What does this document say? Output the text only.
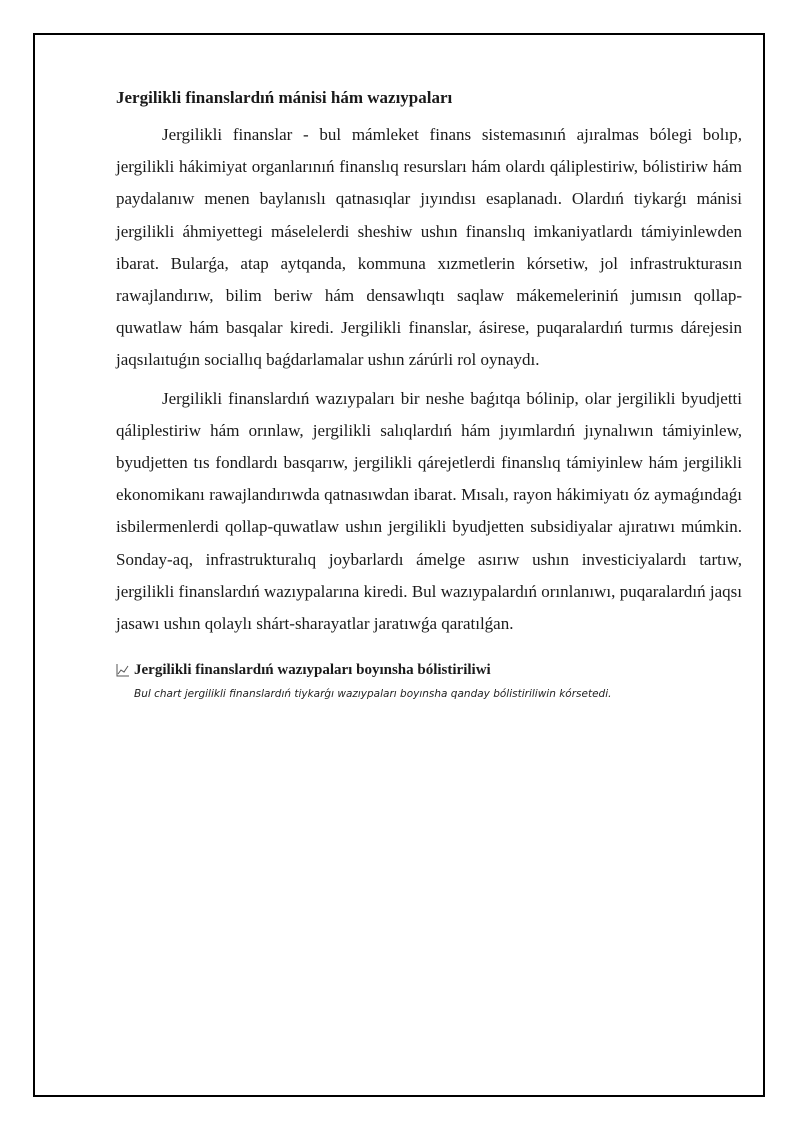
Jergilikli finanslardıń mánisi hám wazıypaları

Jergilikli finanslar - bul mámleket finans sistemasınıń ajıralmas bólegi bolıp, jergilikli hákimiyat organlarınıń finanslıq resursları hám olardı qáliplestiriw, bólistiriw hám paydalanıw menen baylanıslı qatnasıqlar jıyındısı esaplanadı. Olardıń tiykarǵı mánisi jergilikli áhmiyettegi máselelerdi sheshiw ushın finanslıq imkaniyatlardı támiyinlewden ibarat. Bularǵa, atap aytqanda, kommuna xızmetlerin kórsetiw, jol infrastrukturasın rawajlandırıw, bilim beriw hám densawlıqtı saqlaw mákemeleriniń jumısın qollap-quwatlaw hám basqalar kiredi. Jergilikli finanslar, ásirese, puqaralardıń turmıs dárejesin jaqsılaıtuǵın sociallıq baǵdarlamalar ushın zárúrli rol oynaydı.

Jergilikli finanslardıń wazıypaları bir neshe baǵıtqa bólinip, olar jergilikli byudjetti qáliplestiriw hám orınlaw, jergilikli salıqlardıń hám jıyımlardıń jıynalıwın támiyinlew, byudjetten tıs fondlardı basqarıw, jergilikli qárejetlerdi finanslıq támiyinlew hám jergilikli ekonomikanı rawajlandırıwda qatnasıwdan ibarat. Mısalı, rayon hákimiyatı óz aymaǵındaǵı isbilermenlerdi qollap-quwatlaw ushın jergilikli byudjetten subsidiyalar ajıratıwı múmkin. Sonday-aq, infrastrukturalıq joybarlardı ámelge asırıw ushın investiciyalardı tartıw, jergilikli finanslardıń wazıypalarına kiredi. Bul wazıypalardıń orınlanıwı, puqaralardıń jaqsı jasawı ushın qolaylı shárt-sharayatlar jaratıwǵa qaratılǵan.

Jergilikli finanslardıń wazıypaları boyınsha bólistiriliwi
Bul chart jergilikli finanslardıń tiykarǵı wazıypaları boyınsha qanday bólistiriliwin kórsetedi.
